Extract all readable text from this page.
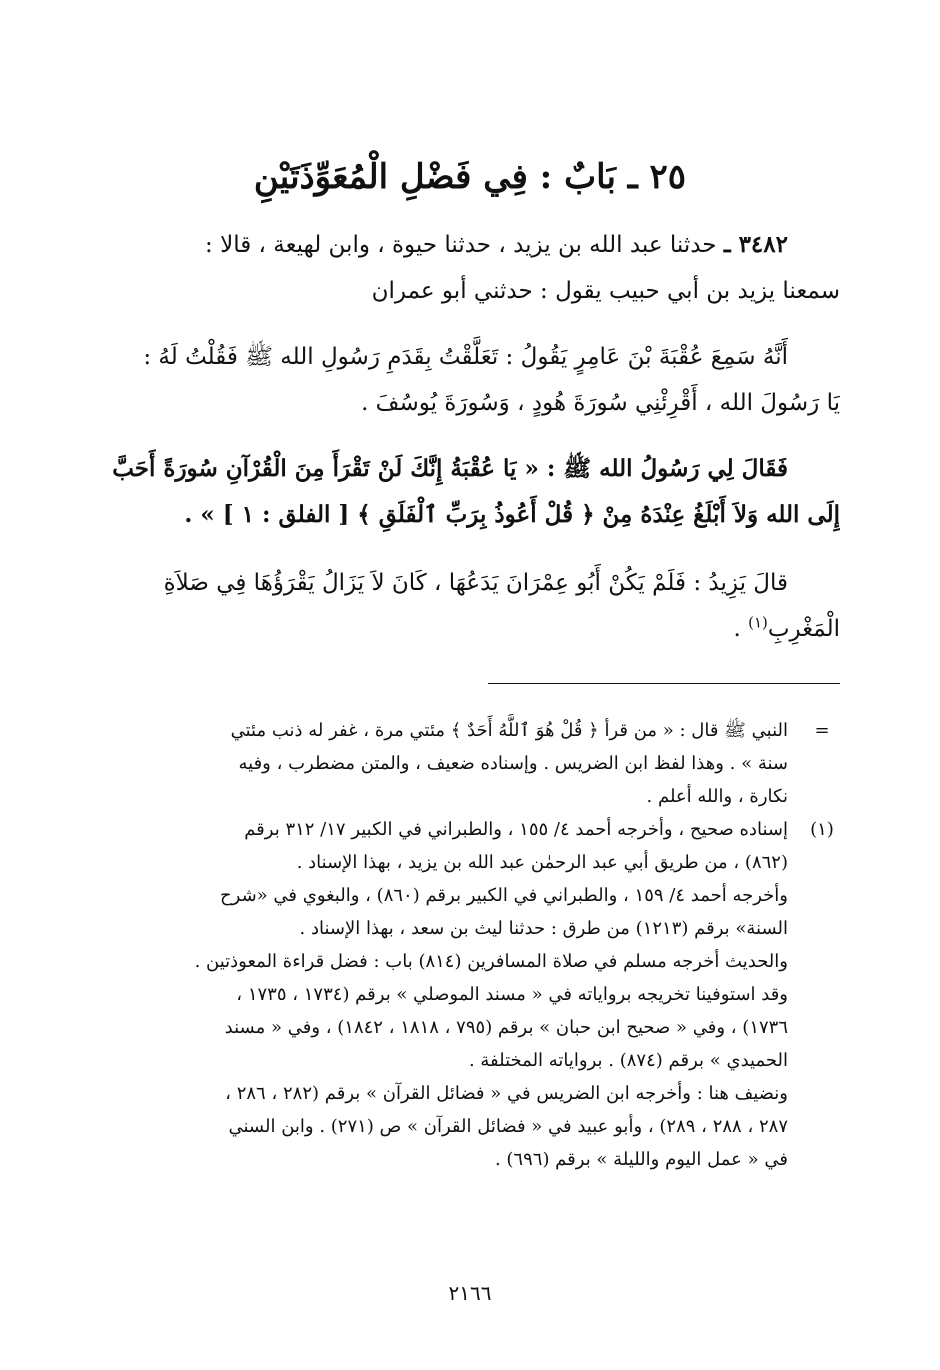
٢٥ ـ بَابٌ : فِي فَضْلِ الْمُعَوِّذَتَيْنِ

٣٤٨٢ ـ حدثنا عبد الله بن يزيد ، حدثنا حيوة ، وابن لهيعة ، قالا :

سمعنا يزيد بن أبي حبيب يقول : حدثني أبو عمران

أَنَّهُ سَمِعَ عُقْبَةَ بْنَ عَامِرٍ يَقُولُ : تَعَلَّقْتُ بِقَدَمِ رَسُولِ الله ﷺ فَقُلْتُ لَهُ :

يَا رَسُولَ الله ، أَقْرِئْنِي سُورَةَ هُودٍ ، وَسُورَةَ يُوسُفَ .

فَقَالَ لِي رَسُولُ الله ﷺ : « يَا عُقْبَةُ إِنَّكَ لَنْ تَقْرَأَ مِنَ الْقُرْآنِ سُورَةً أَحَبَّ

إِلَى الله وَلاَ أَبْلَغُ عِنْدَهُ مِنْ ﴿ قُلْ أَعُوذُ بِرَبِّ ٱلْفَلَقِ ﴾ [ الفلق : ١ ] » .

قالَ يَزِيدُ : فَلَمْ يَكُنْ أَبُو عِمْرَانَ يَدَعُهَا ، كَانَ لاَ يَزَالُ يَقْرَؤُهَا فِي صَلاَةِ

الْمَغْرِبِ$^{(١)}$ .

=
النبي ﷺ قال : « من قرأ ﴿ قُلْ هُوَ ٱللَّهُ أَحَدٌ ﴾ مئتي مرة ، غفر له ذنب مئتي
سنة » . وهذا لفظ ابن الضريس . وإسناده ضعيف ، والمتن مضطرب ، وفيه
نكارة ، والله أعلم .
(١)
إسناده صحيح ، وأخرجه أحمد ٤/ ١٥٥ ، والطبراني في الكبير ١٧/ ٣١٢ برقم
(٨٦٢) ، من طريق أبي عبد الرحمٰن عبد الله بن يزيد ، بهذا الإسناد .
وأخرجه أحمد ٤/ ١٥٩ ، والطبراني في الكبير برقم (٨٦٠) ، والبغوي في «شرح
السنة» برقم (١٢١٣) من طرق : حدثنا ليث بن سعد ، بهذا الإسناد .
والحديث أخرجه مسلم في صلاة المسافرين (٨١٤) باب : فضل قراءة المعوذتين .
وقد استوفينا تخريجه برواياته في « مسند الموصلي » برقم (١٧٣٤ ، ١٧٣٥ ،
١٧٣٦) ، وفي « صحيح ابن حبان » برقم (٧٩٥ ، ١٨١٨ ، ١٨٤٢) ، وفي « مسند
الحميدي » برقم (٨٧٤) . برواياته المختلفة .
ونضيف هنا : وأخرجه ابن الضريس في « فضائل القرآن » برقم (٢٨٢ ، ٢٨٦ ،
٢٨٧ ، ٢٨٨ ، ٢٨٩) ، وأبو عبيد في « فضائل القرآن » ص (٢٧١) . وابن السني
في « عمل اليوم والليلة » برقم (٦٩٦) .
٢١٦٦
